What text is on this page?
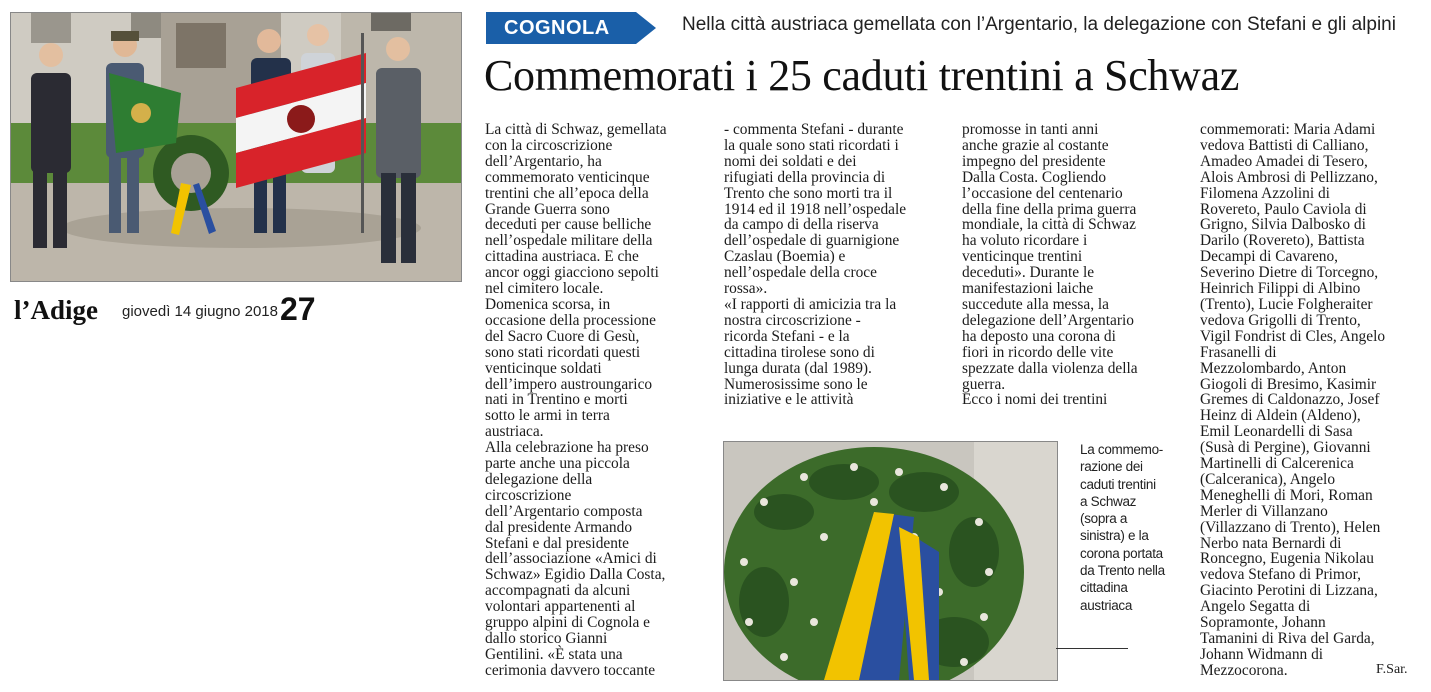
l’Adige giovedì 14 giugno 2018 27
COGNOLA	Nella città austriaca gemellata con l’Argentario, la delegazione con Stefani e gli alpini
Commemorati i 25 caduti trentini a Schwaz

La città di Schwaz, gemellata
con la circoscrizione
dell’Argentario, ha
commemorato venticinque
trentini che all’epoca della
Grande Guerra sono
deceduti per cause belliche
nell’ospedale militare della
cittadina austriaca. E che
ancor oggi giacciono sepolti
nel cimitero locale.
Domenica scorsa, in
occasione della processione
del Sacro Cuore di Gesù,
sono stati ricordati questi
venticinque soldati
dell’impero austroungarico
nati in Trentino e morti
sotto le armi in terra
austriaca.
Alla celebrazione ha preso
parte anche una piccola
delegazione della
circoscrizione
dell’Argentario composta
dal presidente Armando
Stefani e dal presidente
dell’associazione «Amici di
Schwaz» Egidio Dalla Costa,
accompagnati da alcuni
volontari appartenenti al
gruppo alpini di Cognola e
dallo storico Gianni
Gentilini. «È stata una
cerimonia davvero toccante

- commenta Stefani - durante
la quale sono stati ricordati i
nomi dei soldati e dei
rifugiati della provincia di
Trento che sono morti tra il
1914 ed il 1918 nell’ospedale
da campo di della riserva
dell’ospedale di guarnigione
Czaslau (Boemia) e
nell’ospedale della croce
rossa».
«I rapporti di amicizia tra la
nostra circoscrizione -
ricorda Stefani - e la
cittadina tirolese sono di
lunga durata (dal 1989).
Numerosissime sono le
iniziative e le attività

promosse in tanti anni
anche grazie al costante
impegno del presidente
Dalla Costa. Cogliendo
l’occasione del centenario
della fine della prima guerra
mondiale, la città di Schwaz
ha voluto ricordare i
venticinque trentini
deceduti». Durante le
manifestazioni laiche
succedute alla messa, la
delegazione dell’Argentario
ha deposto una corona di
fiori in ricordo delle vite
spezzate dalla violenza della
guerra.
Ecco i nomi dei trentini

commemorati: Maria Adami
vedova Battisti di Calliano,
Amadeo Amadei di Tesero,
Alois Ambrosi di Pellizzano,
Filomena Azzolini di
Rovereto, Paulo Caviola di
Grigno, Silvia Dalbosko di
Darilo (Rovereto), Battista
Decampi di Cavareno,
Severino Dietre di Torcegno,
Heinrich Filippi di Albino
(Trento), Lucie Folgheraiter
vedova Grigolli di Trento,
Vigil Fondrist di Cles, Angelo
Frasanelli di
Mezzolombardo, Anton
Giogoli di Bresimo, Kasimir
Gremes di Caldonazzo, Josef
Heinz di Aldein (Aldeno),
Emil Leonardelli di Sasa
(Susà di Pergine), Giovanni
Martinelli di Calcerenica
(Calceranica), Angelo
Meneghelli di Mori, Roman
Merler di Villanzano
(Villazzano di Trento), Helen
Nerbo nata Bernardi di
Roncegno, Eugenia Nikolau
vedova Stefano di Primor,
Giacinto Perotini di Lizzana,
Angelo Segatta di
Sopramonte, Johann
Tamanini di Riva del Garda,
Johann Widmann di
Mezzocorona.

La commemo-
razione dei
caduti trentini
a Schwaz
(sopra a
sinistra) e la
corona portata
da Trento nella
cittadina
austriaca
F.Sar.
